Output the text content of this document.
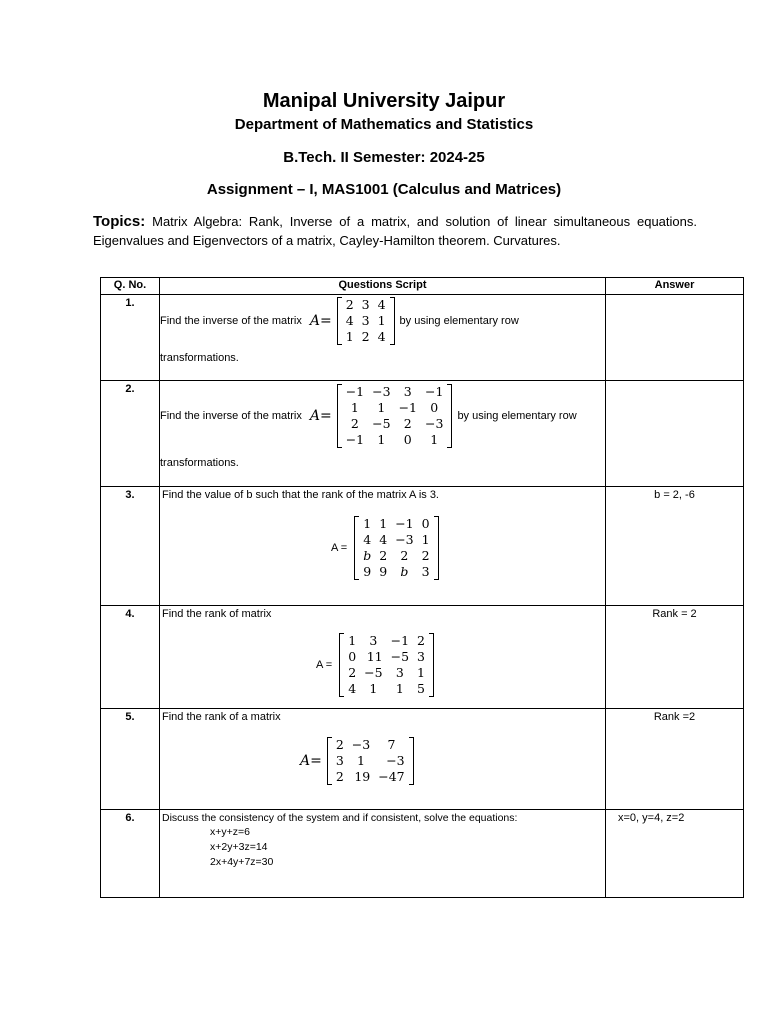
Manipal University Jaipur
Department of Mathematics and Statistics
B.Tech. II Semester: 2024-25
Assignment – I, MAS1001 (Calculus and Matrices)
Topics: Matrix Algebra: Rank, Inverse of a matrix, and solution of linear simultaneous equations. Eigenvalues and Eigenvectors of a matrix, Cayley-Hamilton theorem. Curvatures.
Q. No.	Questions Script	Answer
1.	
Find the inverse of the matrix A=
2	3	4
4	3	1
1	2	4
by using elementary row
transformations.

2.	
Find the inverse of the matrix A=
−1	−3	3	−1
1	1	−1	0
2	−5	2	−3
−1	1	0	1
by using elementary row
transformations.

3.	Find the value of b such that the rank of the matrix A is 3.
A =
1	1	−1	0
4	4	−3	1
b	2	2	2
9	9	b	3
	b = 2, -6
4.	Find the rank of matrix
A =
1	3	−1	2
0	11	−5	3
2	−5	3	1
4	1	1	5
	Rank = 2
5.	Find the rank of a matrix
A=
2	−3	7
3	1	−3
2	19	−47
	Rank =2
6.	Discuss the consistency of the system and if consistent, solve the equations:
x+y+z=6
x+2y+3z=14
2x+4y+7z=30
	x=0, y=4, z=2
